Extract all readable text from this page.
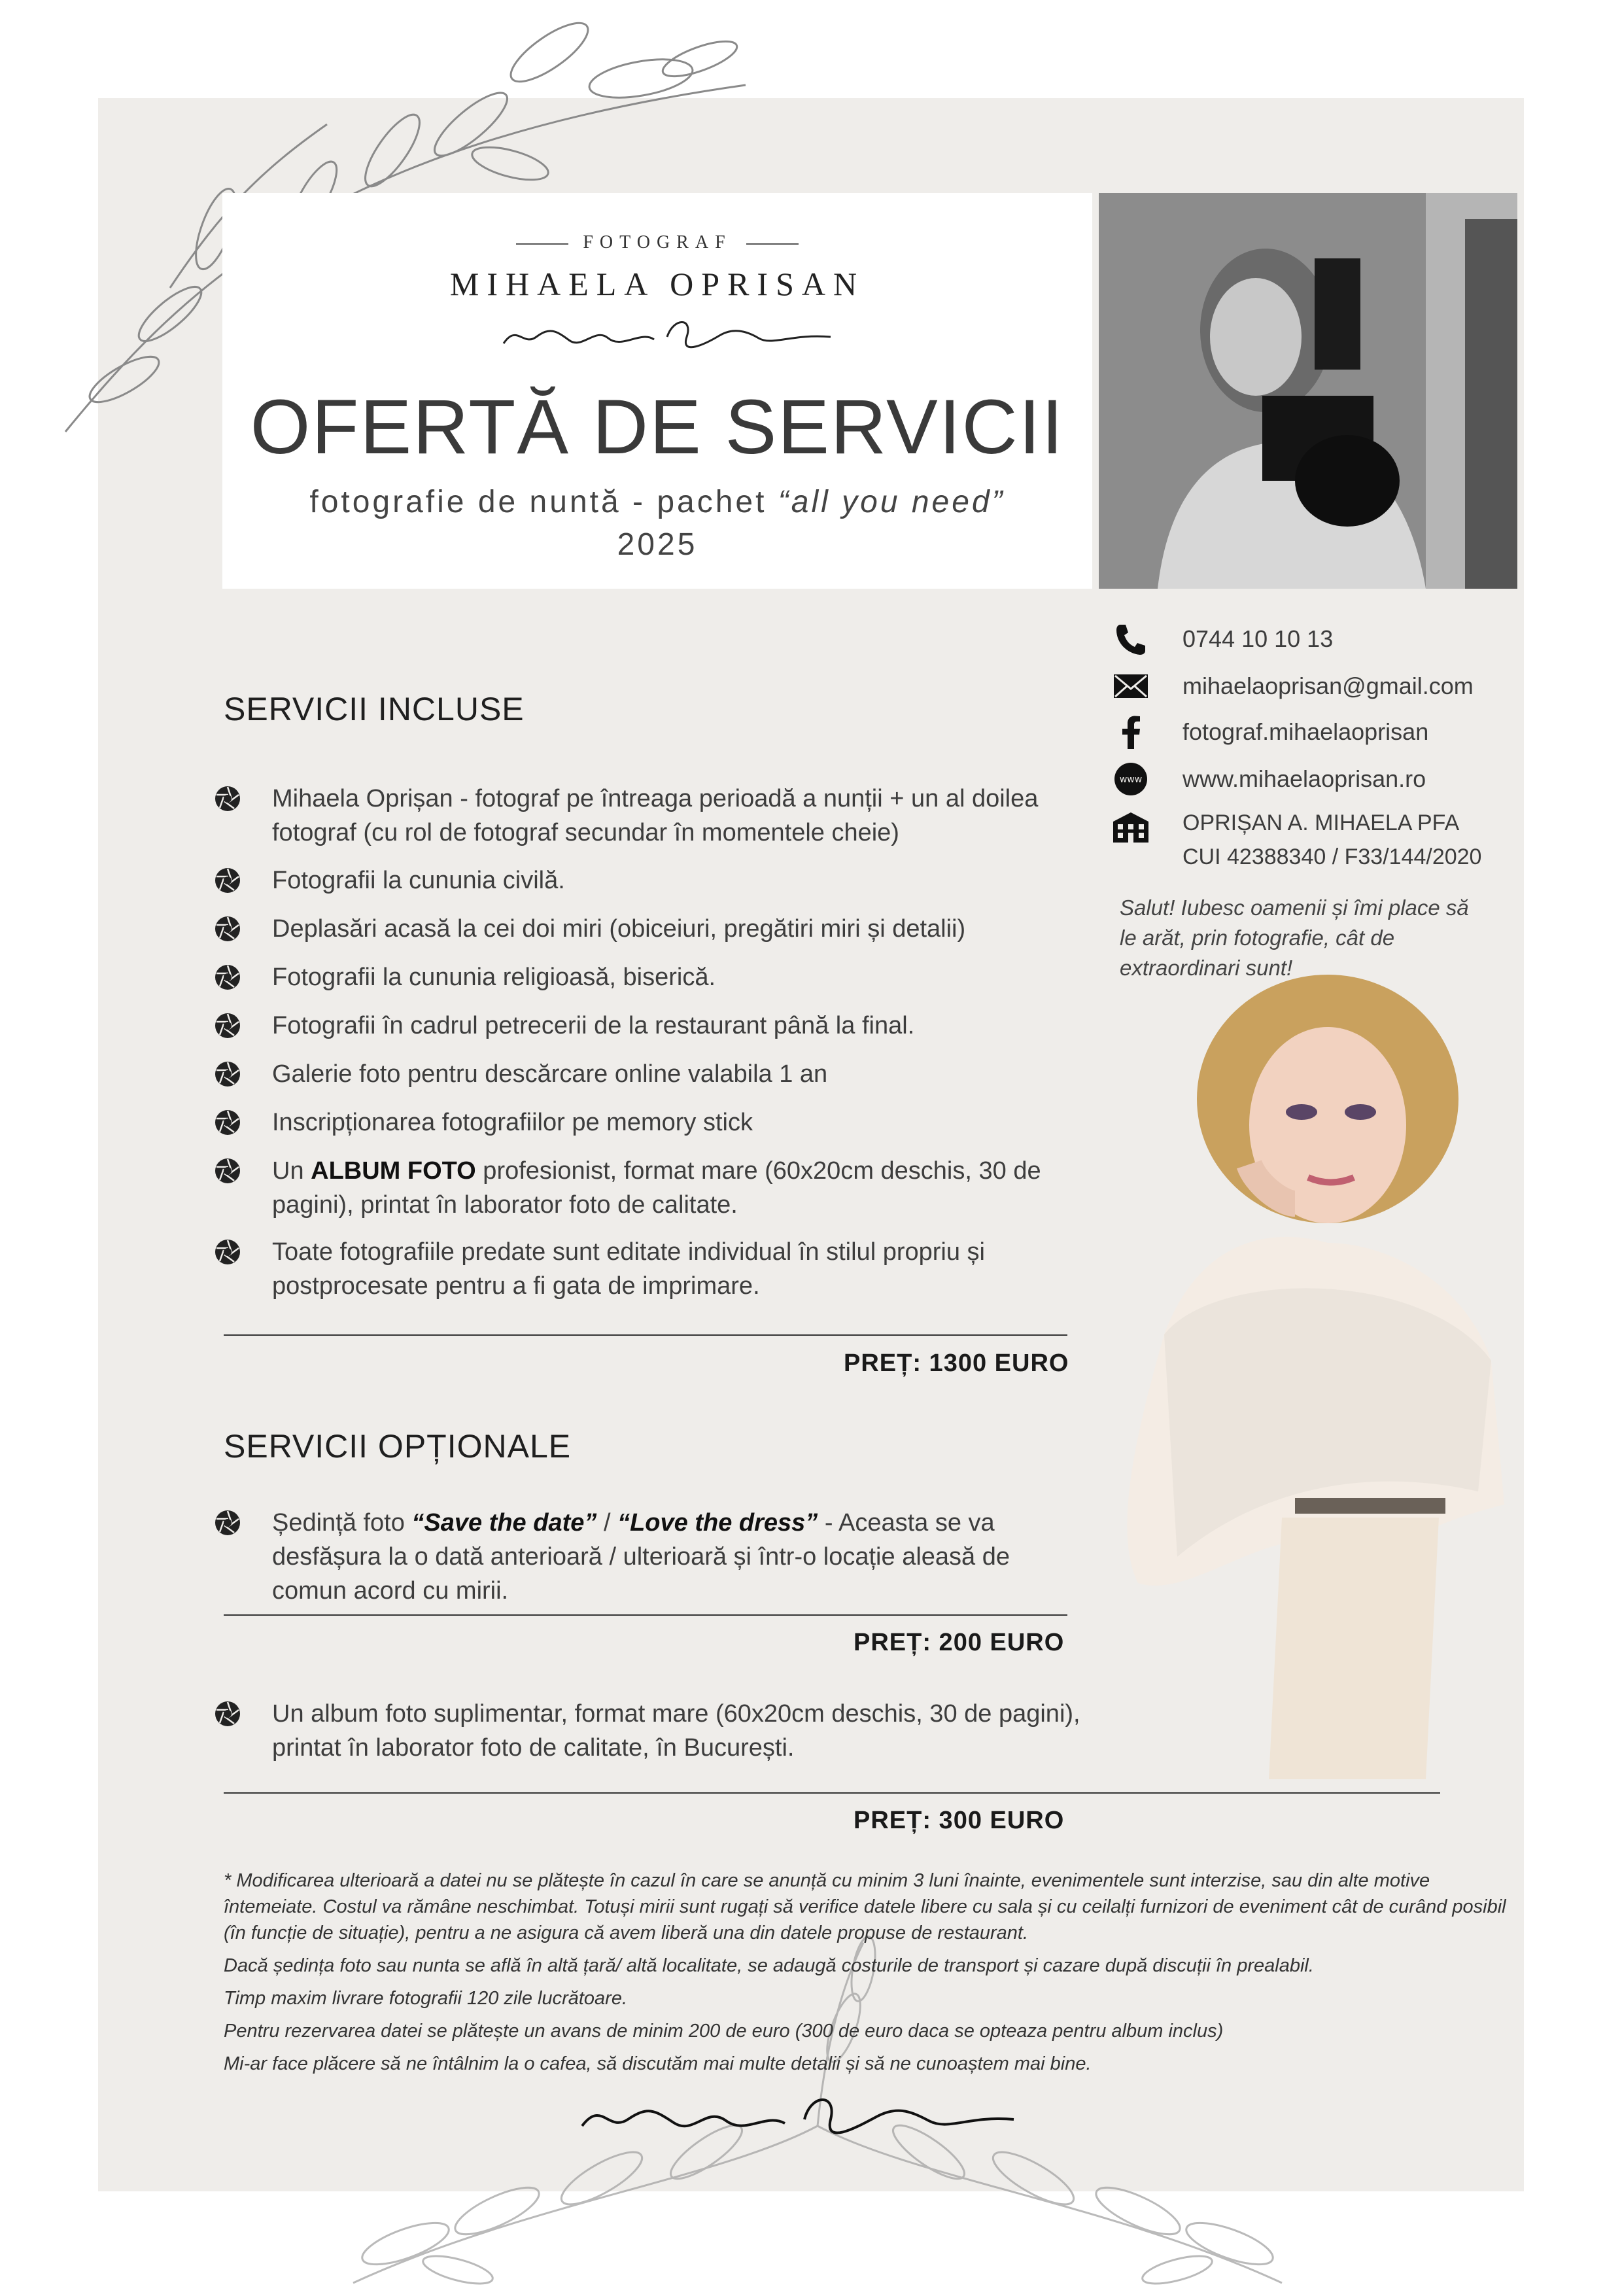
FOTOGRAF
MIHAELA OPRISAN
OFERTĂ DE SERVICII
fotografie de nuntă - pachet “all you need”
2025
0744 10 10 13
mihaelaoprisan@gmail.com
fotograf.mihaelaoprisan
www www.mihaelaoprisan.ro
OPRIȘAN A. MIHAELA PFA
CUI 42388340 / F33/144/2020
Salut! Iubesc oamenii și îmi place să le arăt, prin fotografie, cât de extraordinari sunt!
SERVICII INCLUSE
Mihaela Oprișan - fotograf pe întreaga perioadă a nunții + un al doilea fotograf (cu rol de fotograf secundar în momentele cheie)
Fotografii la cununia civilă.
Deplasări acasă la cei doi miri (obiceiuri, pregătiri miri și detalii)
Fotografii la cununia religioasă, biserică.
Fotografii în cadrul petrecerii de la restaurant până la final.
Galerie foto pentru descărcare online valabila 1 an
Inscripționarea fotografiilor pe memory stick
Un ALBUM FOTO profesionist, format mare (60x20cm deschis, 30 de pagini), printat în laborator foto de calitate.
Toate fotografiile predate sunt editate individual în stilul propriu și postprocesate pentru a fi gata de imprimare.
PREȚ: 1300 EURO
SERVICII OPȚIONALE
Ședință foto “Save the date” / “Love the dress” - Aceasta se va desfășura la o dată anterioară / ulterioară și într-o locație aleasă de comun acord cu mirii.
PREȚ: 200 EURO
Un album foto suplimentar, format mare (60x20cm deschis, 30 de pagini), printat în laborator foto de calitate, în București.
PREȚ: 300 EURO

* Modificarea ulterioară a datei nu se plătește în cazul în care se anunță cu minim 3 luni înainte, evenimentele sunt interzise, sau din alte motive întemeiate. Costul va rămâne neschimbat. Totuși mirii sunt rugați să verifice datele libere cu sala și cu ceilalți furnizori de eveniment cât de curând posibil (în funcție de situație), pentru a ne asigura că avem liberă una din datele propuse de restaurant.

Dacă ședința foto sau nunta se află în altă țară/ altă localitate, se adaugă costurile de transport și cazare după discuții în prealabil.

Timp maxim livrare fotografii 120 zile lucrătoare.

Pentru rezervarea datei se plătește un avans de minim 200 de euro (300 de euro daca se opteaza pentru album inclus)

Mi-ar face plăcere să ne întâlnim la o cafea, să discutăm mai multe detalii și să ne cunoaștem mai bine.
